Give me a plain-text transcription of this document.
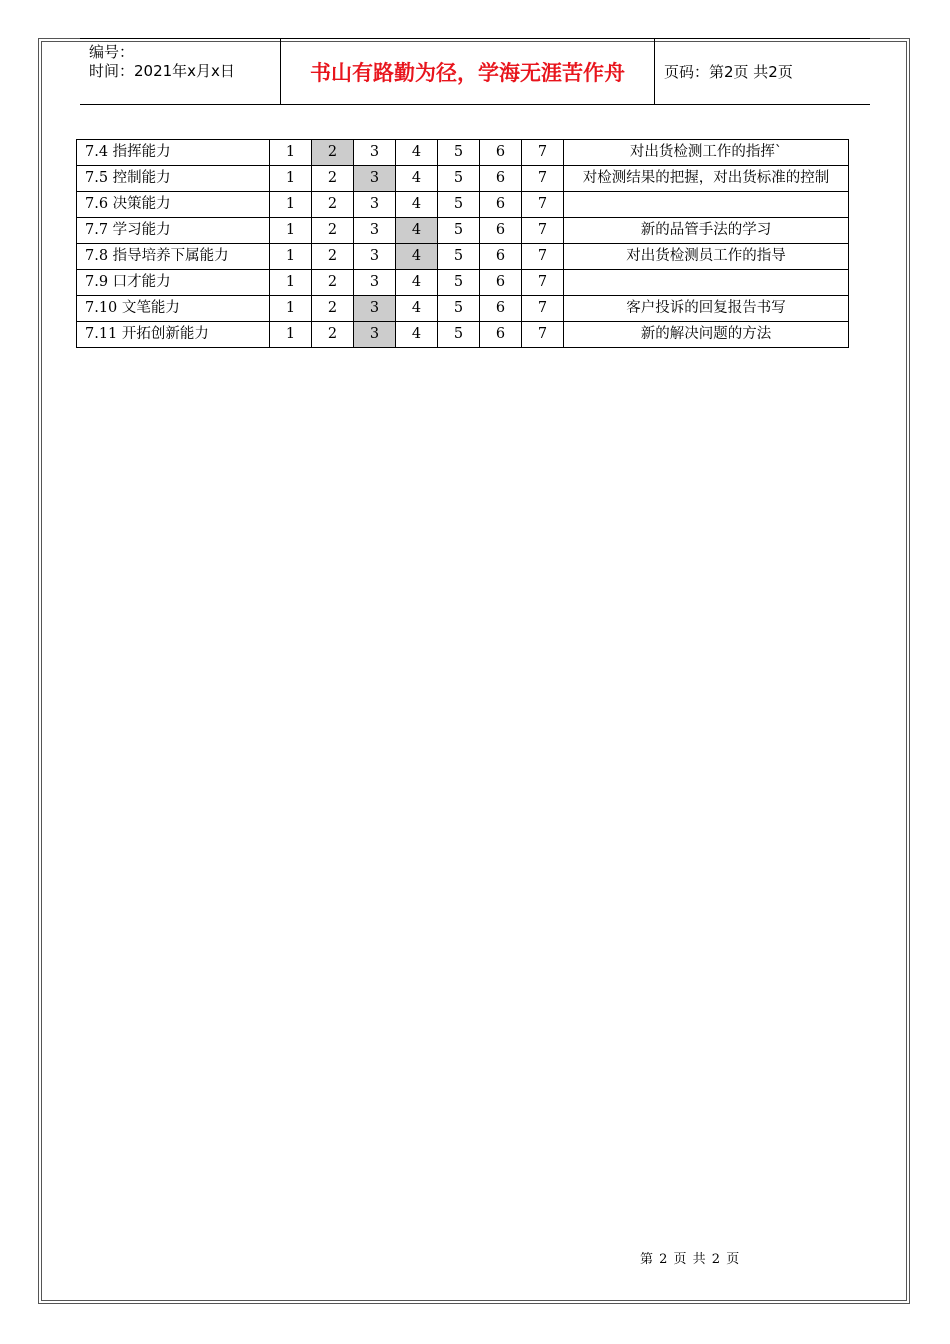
编号：
时间：2021年x月x日	书山有路勤为径，学海无涯苦作舟	页码：第2页 共2页
7.4 指挥能力	1	2	3	4	5	6	7	对出货检测工作的指挥`
7.5 控制能力	1	2	3	4	5	6	7	对检测结果的把握，对出货标准的控制
7.6 决策能力	1	2	3	4	5	6	7	
7.7 学习能力	1	2	3	4	5	6	7	新的品管手法的学习
7.8 指导培养下属能力	1	2	3	4	5	6	7	对出货检测员工作的指导
7.9 口才能力	1	2	3	4	5	6	7	
7.10 文笔能力	1	2	3	4	5	6	7	客户投诉的回复报告书写
7.11 开拓创新能力	1	2	3	4	5	6	7	新的解决问题的方法
第 2 页 共 2 页
